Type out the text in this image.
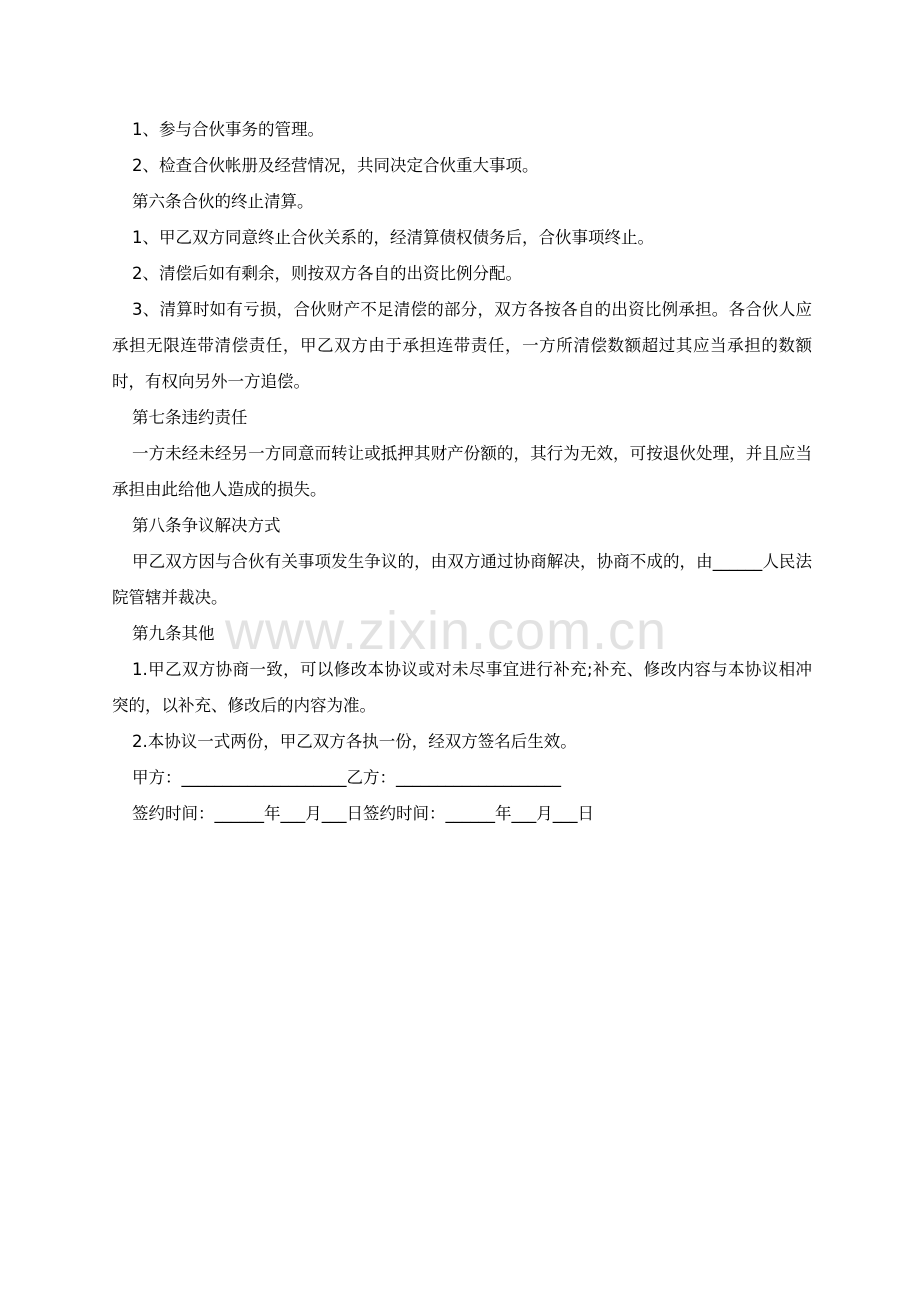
1、参与合伙事务的管理。

2、检查合伙帐册及经营情况，共同决定合伙重大事项。

第六条合伙的终止清算。

1、甲乙双方同意终止合伙关系的，经清算债权债务后，合伙事项终止。

2、清偿后如有剩余，则按双方各自的出资比例分配。

3、清算时如有亏损，合伙财产不足清偿的部分，双方各按各自的出资比例承担。各合伙人应承担无限连带清偿责任，甲乙双方由于承担连带责任，一方所清偿数额超过其应当承担的数额时，有权向另外一方追偿。

第七条违约责任

一方未经未经另一方同意而转让或抵押其财产份额的，其行为无效，可按退伙处理，并且应当承担由此给他人造成的损失。

第八条争议解决方式

甲乙双方因与合伙有关事项发生争议的，由双方通过协商解决，协商不成的，由______人民法院管辖并裁决。

第九条其他

1.甲乙双方协商一致，可以修改本协议或对未尽事宜进行补充;补充、修改内容与本协议相冲突的，以补充、修改后的内容为准。

2.本协议一式两份，甲乙双方各执一份，经双方签名后生效。

甲方：____________________乙方：____________________

签约时间：______年___月___日签约时间：______年___月___日

www.zixin.com.cn
